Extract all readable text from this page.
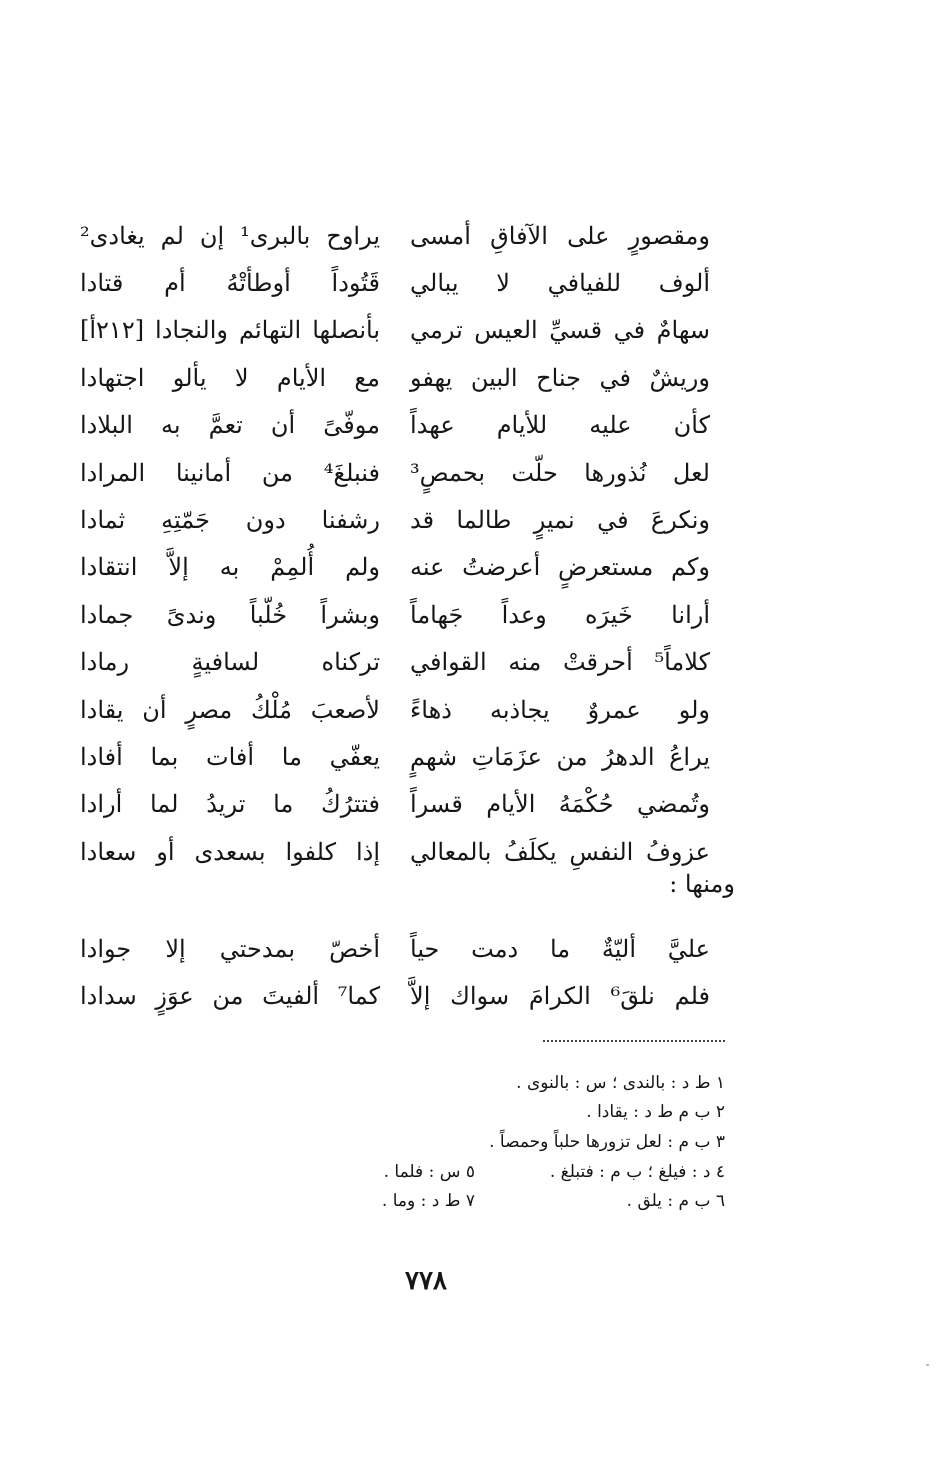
ومقصورٍ على الآفاقِ أمسى
يراوح بالبرى¹ إن لم يغادى²
ألوف للفيافي لا يبالي
قَتُوداً أوطأتْهُ أم قتادا
سهامٌ في قسيِّ العيس ترمي
بأنصلها التهائم والنجادا [٢١٢أ]
وريشٌ في جناح البين يهفو
مع الأيام لا يألو اجتهادا
كأن عليه للأيام عهداً
موفّىً أن تعمَّ به البلادا
لعل نُذورها حلّت بحمصٍ³
فنبلغَ⁴ من أمانينا المرادا
ونكرعَ في نميرٍ طالما قد
رشفنا دون جَمّتِهِ ثمادا
وكم مستعرضٍ أعرضتُ عنه
ولم أُلمِمْ به إلاَّ انتقادا
أرانا خَيرَه وعداً جَهاماً
وبشراً خُلّباً وندىً جمادا
كلاماً⁵ أحرقتْ منه القوافي
تركناه لسافيةٍ رمادا
ولو عمروٌ يجاذبه ذهاءً
لأصعبَ مُلْكُ مصرٍ أن يقادا
يراعُ الدهرُ من عزَمَاتِ شهمٍ
يعفّي ما أفات بما أفادا
وتُمضي حُكْمَهُ الأيام قسراً
فتترُكُ ما تريدُ لما أرادا
عزوفُ النفسِ يكلَفُ بالمعالي
إذا كلفوا بسعدى أو سعادا
ومنها :
عليَّ أليّةٌ ما دمت حياً
أخصّ بمدحتي إلا جوادا
فلم نلقَ⁶ الكرامَ سواك إلاَّ
كما⁷ ألفيتَ من عوَزٍ سدادا
١ ط د : بالندى ؛ س : بالنوى .
٢ ب م ط د : يقادا .
٣ ب م : لعل تزورها حلباً وحمصاً .
٤ د : فيلغ ؛ ب م : فتبلغ .
٥ س : فلما .
٦ ب م : يلق .
٧ ط د : وما .
٧٧٨
